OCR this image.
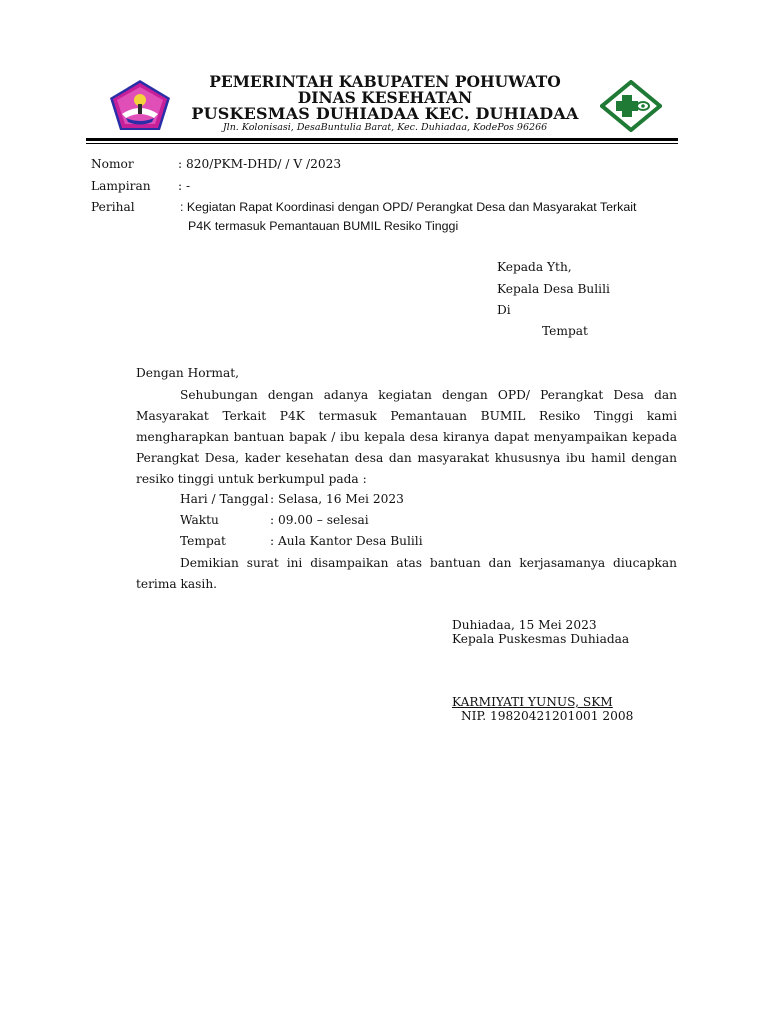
PEMERINTAH KABUPATEN POHUWATO
DINAS KESEHATAN
PUSKESMAS DUHIADAA KEC. DUHIADAA
Jln. Kolonisasi, DesaBuntulia Barat, Kec. Duhiadaa, KodePos 96266
Nomor	: 820/PKM-DHD/ / V /2023
Lampiran : -
Perihal	: Kegiatan Rapat Koordinasi dengan OPD/ Perangkat Desa dan Masyarakat Terkait
P4K termasuk Pemantauan BUMIL Resiko Tinggi
Kepada Yth,
Kepala Desa Bulili
Di
Tempat
Dengan Hormat,
Sehubungan dengan adanya kegiatan dengan OPD/ Perangkat Desa dan Masyarakat Terkait P4K termasuk Pemantauan BUMIL Resiko Tinggi kami mengharapkan bantuan bapak / ibu kepala desa kiranya dapat menyampaikan kepada Perangkat Desa, kader kesehatan desa dan masyarakat khususnya ibu hamil dengan resiko tinggi untuk berkumpul pada :
Hari / Tanggal : Selasa, 16 Mei 2023
Waktu	: 09.00 – selesai
Tempat	: Aula Kantor Desa Bulili
Demikian surat ini disampaikan atas bantuan dan kerjasamanya diucapkan terima kasih.
Duhiadaa, 15 Mei 2023
Kepala Puskesmas Duhiadaa
KARMIYATI YUNUS, SKM
NIP. 19820421201001 2008
